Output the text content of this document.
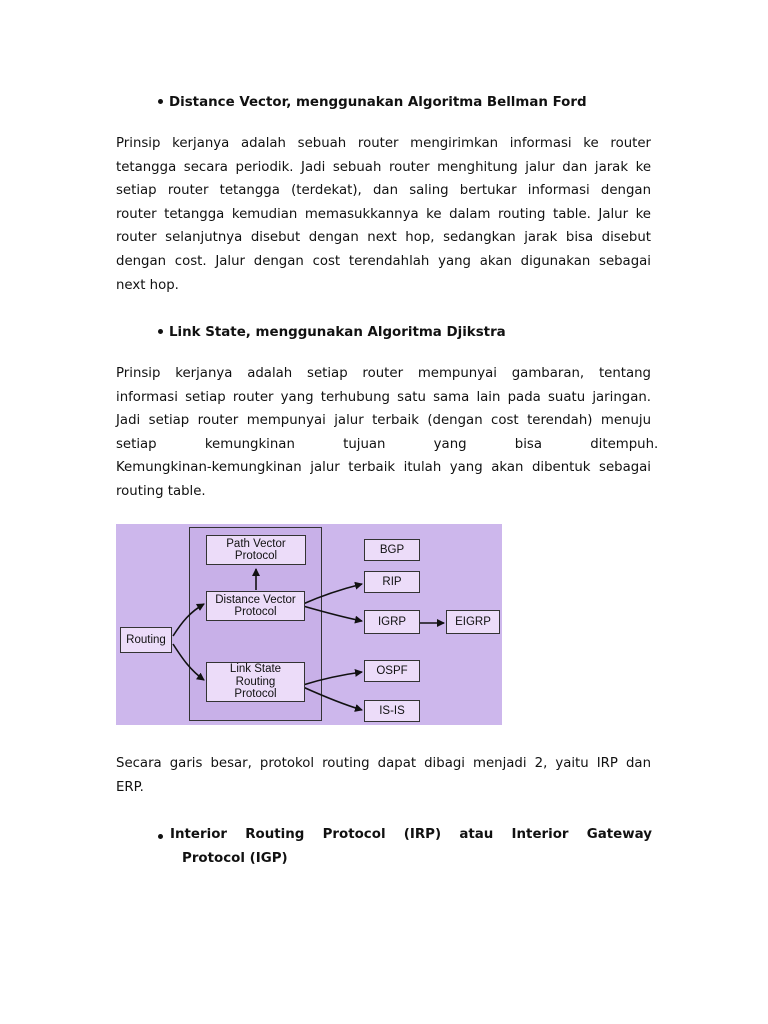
Distance Vector, menggunakan Algoritma Bellman Ford
Prinsip kerjanya adalah sebuah router mengirimkan informasi ke router
tetangga secara periodik. Jadi sebuah router menghitung jalur dan jarak ke
setiap router tetangga (terdekat), dan saling bertukar informasi dengan
router tetangga kemudian memasukkannya ke dalam routing table. Jalur ke
router selanjutnya disebut dengan next hop, sedangkan jarak bisa disebut
dengan cost. Jalur dengan cost terendahlah yang akan digunakan sebagai
next hop.
Link State, menggunakan Algoritma Djikstra
Prinsip kerjanya adalah setiap router mempunyai gambaran, tentang
informasi setiap router yang terhubung satu sama lain pada suatu jaringan.
Jadi setiap router mempunyai jalur terbaik (dengan cost terendah) menuju
setiap kemungkinan tujuan yang bisa ditempuh.
Kemungkinan-kemungkinan jalur terbaik itulah yang akan dibentuk sebagai
routing table.
Routing
Path Vector
Protocol
Distance Vector
Protocol
Link State
Routing
Protocol
BGP
RIP
IGRP	EIGRP
OSPF
IS-IS
Secara garis besar, protokol routing dapat dibagi menjadi 2, yaitu IRP dan
ERP.
Interior Routing Protocol (IRP) atau Interior Gateway
Protocol (IGP)
